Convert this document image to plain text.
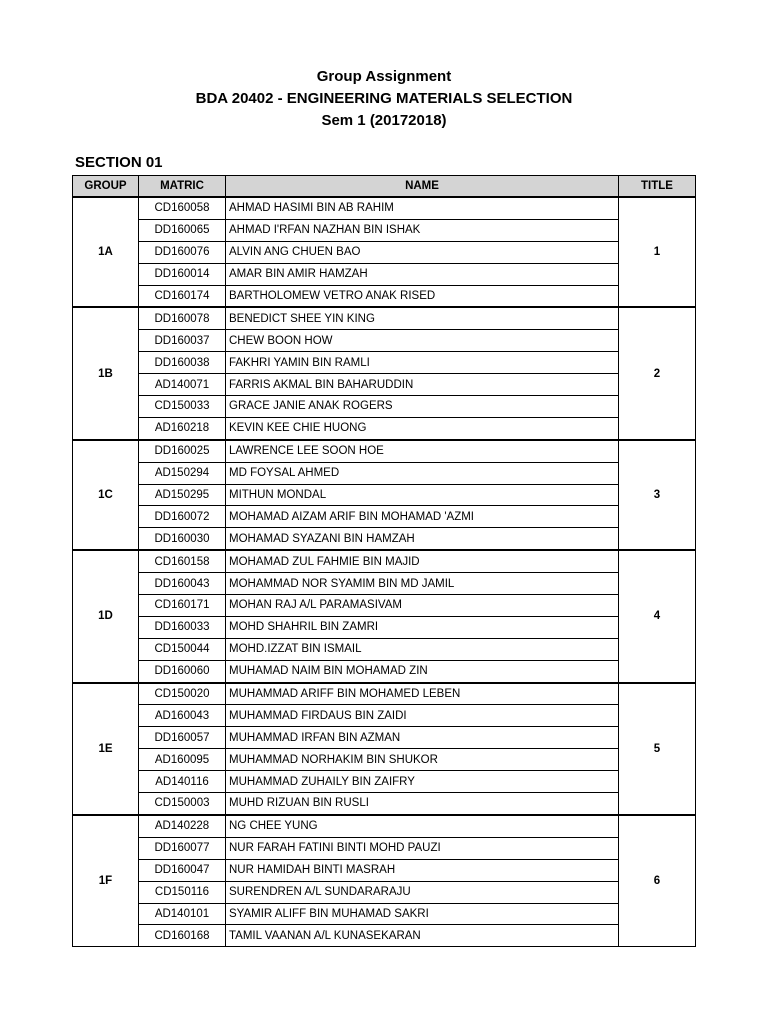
Group Assignment
BDA 20402 - ENGINEERING MATERIALS SELECTION
Sem 1 (20172018)
SECTION 01
GROUP	MATRIC	NAME	TITLE
1A	CD160058	AHMAD HASIMI BIN AB RAHIM	1
	DD160065	AHMAD I'RFAN NAZHAN BIN ISHAK	
	DD160076	ALVIN ANG CHUEN BAO	
	DD160014	AMAR BIN AMIR HAMZAH	
	CD160174	BARTHOLOMEW VETRO ANAK RISED	
1B	DD160078	BENEDICT SHEE YIN KING	2
	DD160037	CHEW BOON HOW	
	DD160038	FAKHRI YAMIN BIN RAMLI	
	AD140071	FARRIS AKMAL BIN BAHARUDDIN	
	CD150033	GRACE JANIE ANAK ROGERS	
	AD160218	KEVIN KEE CHIE HUONG	
1C	DD160025	LAWRENCE LEE SOON HOE	3
	AD150294	MD FOYSAL AHMED	
	AD150295	MITHUN MONDAL	
	DD160072	MOHAMAD AIZAM ARIF BIN MOHAMAD 'AZMI	
	DD160030	MOHAMAD SYAZANI BIN HAMZAH	
1D	CD160158	MOHAMAD ZUL FAHMIE BIN MAJID	4
	DD160043	MOHAMMAD NOR SYAMIM BIN MD JAMIL	
	CD160171	MOHAN RAJ A/L PARAMASIVAM	
	DD160033	MOHD SHAHRIL BIN ZAMRI	
	CD150044	MOHD.IZZAT BIN ISMAIL	
	DD160060	MUHAMAD NAIM BIN MOHAMAD ZIN	
1E	CD150020	MUHAMMAD ARIFF BIN MOHAMED LEBEN	5
	AD160043	MUHAMMAD FIRDAUS BIN ZAIDI	
	DD160057	MUHAMMAD IRFAN BIN AZMAN	
	AD160095	MUHAMMAD NORHAKIM BIN SHUKOR	
	AD140116	MUHAMMAD ZUHAILY BIN ZAIFRY	
	CD150003	MUHD RIZUAN BIN RUSLI	
1F	AD140228	NG CHEE YUNG	6
	DD160077	NUR FARAH FATINI BINTI MOHD PAUZI	
	DD160047	NUR HAMIDAH BINTI MASRAH	
	CD150116	SURENDREN A/L SUNDARARAJU	
	AD140101	SYAMIR ALIFF BIN MUHAMAD SAKRI	
	CD160168	TAMIL VAANAN A/L KUNASEKARAN	
